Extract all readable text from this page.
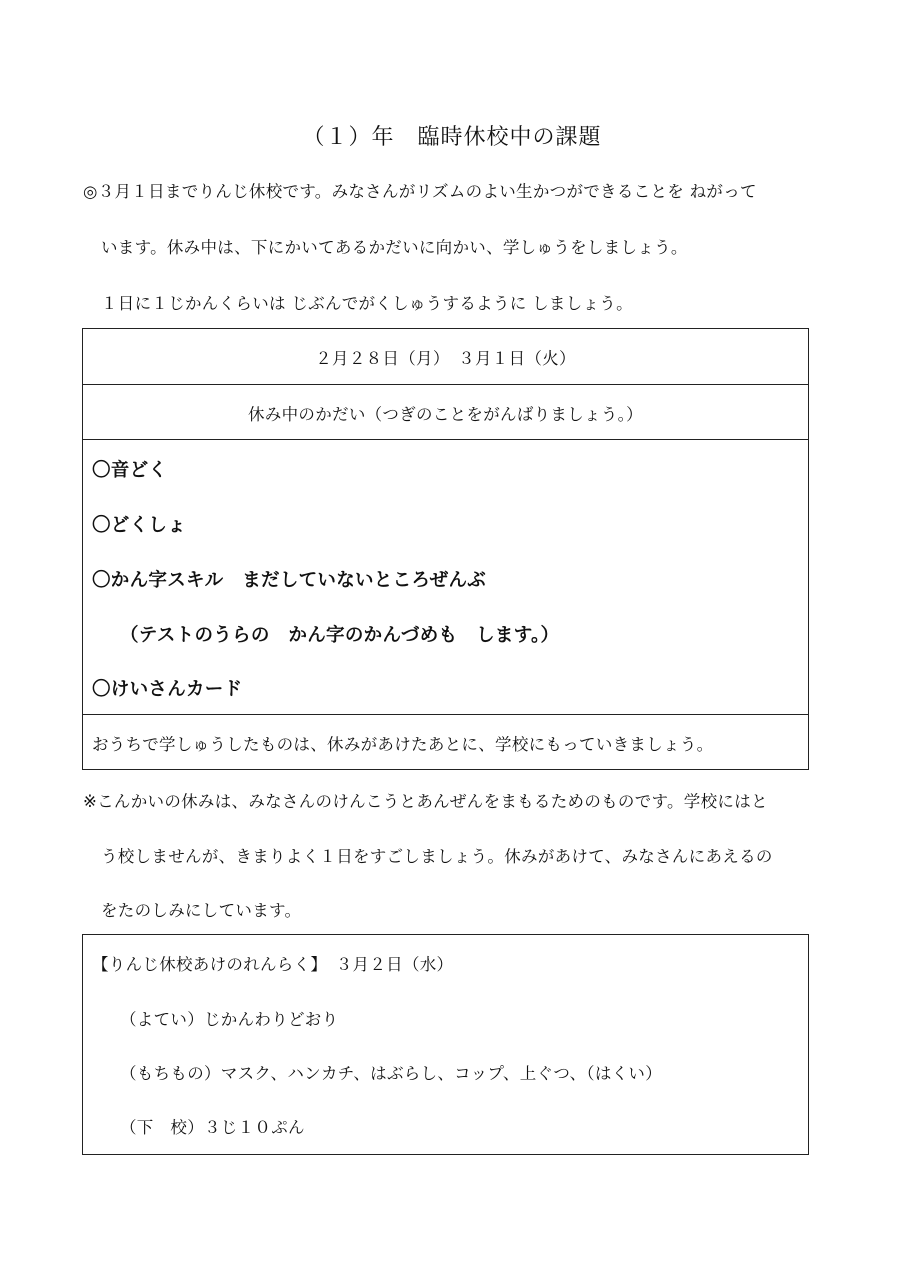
（１）年　臨時休校中の課題
◎３月１日までりんじ休校です。みなさんがリズムのよい生かつができることを ねがって
います。休み中は、下にかいてあるかだいに向かい、学しゅうをしましょう。
１日に１じかんくらいは じぶんでがくしゅうするように しましょう。
２月２８日（月）　３月１日（火）
休み中のかだい（つぎのことをがんばりましょう。）
〇音どく
〇どくしょ
〇かん字スキル　まだしていないところぜんぶ
（テストのうらの　かん字のかんづめも　します。）
〇けいさんカード
おうちで学しゅうしたものは、休みがあけたあとに、学校にもっていきましょう。
※こんかいの休みは、みなさんのけんこうとあんぜんをまもるためのものです。学校にはと
う校しませんが、きまりよく１日をすごしましょう。休みがあけて、みなさんにあえるの
をたのしみにしています。
【りんじ休校あけのれんらく】　３月２日（水）
（よてい）じかんわりどおり
（もちもの）マスク、ハンカチ、はぶらし、コップ、上ぐつ、（はくい）
（下　校）３じ１０ぷん
